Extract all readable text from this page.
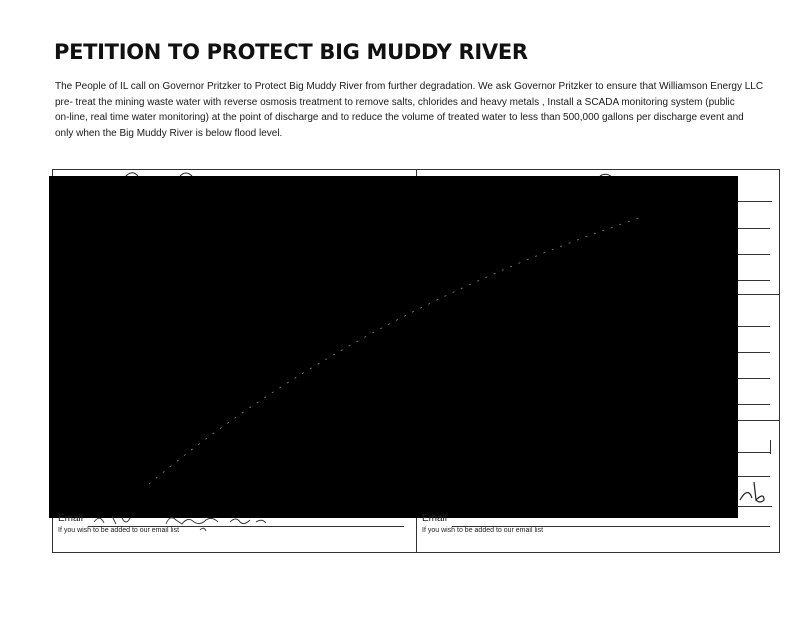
PETITION TO PROTECT BIG MUDDY RIVER

The People of IL call on Governor Pritzker to Protect Big Muddy River from further degradation. We ask Governor Pritzker to ensure that Williamson Energy LLC
pre- treat the mining waste water with reverse osmosis treatment to remove salts, chlorides and heavy metals , Install a SCADA monitoring system (public
on-line, real time water monitoring) at the point of discharge and to reduce the volume of treated water to less than 500,000 gallons per discharge event and
only when the Big Muddy River is below flood level.

Email
If you wish to be added to our email list
Email
If you wish to be added to our email list
